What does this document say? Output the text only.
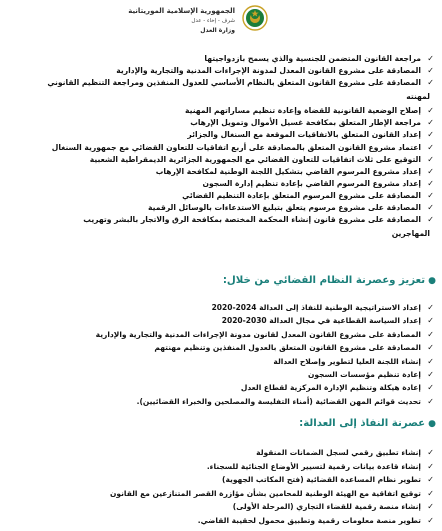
الجمهورية الإسلامية الموريتانية
شرف - إخاء - عدل
وزارة العدل
✓
مراجعة القانون المتضمن للجنسية والذي يسمح بازدواجيتها
✓
المصادقة على مشروع القانون المعدل لمدونة الإجراءات المدنية والتجارية والإدارية
✓
المصادقة على مشروع القانون المتعلق بالنظام الأساسي للعدول المنفذين ومراجعة التنظيم القانوني
لمهنته
✓
إصلاح الوضعية القانونية للقضاة وإعادة تنظيم مساراتهم المهنية
✓
مراجعة الإطار المتعلق بمكافحة غسيل الأموال وتمويل الإرهاب
✓
إعداد القانون المتعلق بالاتفاقيات الموقعة مع السنغال والجزائر
✓
اعتماد مشروع القانون المتعلق بالمصادقة على أربع اتفاقيات للتعاون القضائي مع جمهورية السنغال
✓
التوقيع على ثلاث اتفاقيات للتعاون القضائي مع الجمهورية الجزائرية الديمقراطية الشعبية
✓
إعداد مشروع المرسوم القاضي بتشكيل اللجنة الوطنية لمكافحة الإرهاب
✓
إعداد مشروع المرسوم القاضي بإعادة تنظيم إدارة السجون
✓
المصادقة على مشروع المرسوم المتعلق بإعادة التنظيم القضائي
✓
المصادقة على مشروع مرسوم يتعلق بتبليغ الاستدعاءات بالوسائل الرقمية
✓
المصادقة على مشروع قانون إنشاء المحكمة المختصة بمكافحة الرق والاتجار بالبشر وتهريب
المهاجرين
●تعزيز وعصرنة النظام القضائي من خلال:
✓
إعداد الاستراتيجية الوطنية للنفاذ إلى العدالة 2024-2020
✓
إعداد السياسة القطاعية في مجال العدالة 2030-2020
✓
المصادقة على مشروع القانون المعدل لقانون مدونة الإجراءات المدنية والتجارية والإدارية
✓
المصادقة على مشروع القانون المتعلق بالعدول المنفذين وتنظيم مهنتهم
✓
إنشاء اللجنة العليا لتطوير وإصلاح العدالة
✓
إعادة تنظيم مؤسسات السجون
✓
إعادة هيكلة وتنظيم الإدارة المركزية لقطاع العدل
✓
تحديث قوائم المهن القضائية (أمناء التفليسة والمصلحين والخبراء القضائيين).
●عصرنة النفاذ إلى العدالة:
✓
إنشاء تطبيق رقمي لسجل الضمانات المنقولة
✓
إنشاء قاعدة بيانات رقمية لتسيير الأوضاع الجنائية للسجناء.
✓
تطوير نظام المساعدة القضائية (فتح المكاتب الجهوية)
✓
توقيع اتفاقية مع الهيئة الوطنية للمحامين بشأن مؤازرة القصر المتنازعين مع القانون
✓
إنشاء منصة رقمية للقضاء التجاري (المرحلة الأولى)
✓
تطوير منصة معلومات رقمية وتطبيق محمول لحقيبة القاضي.
